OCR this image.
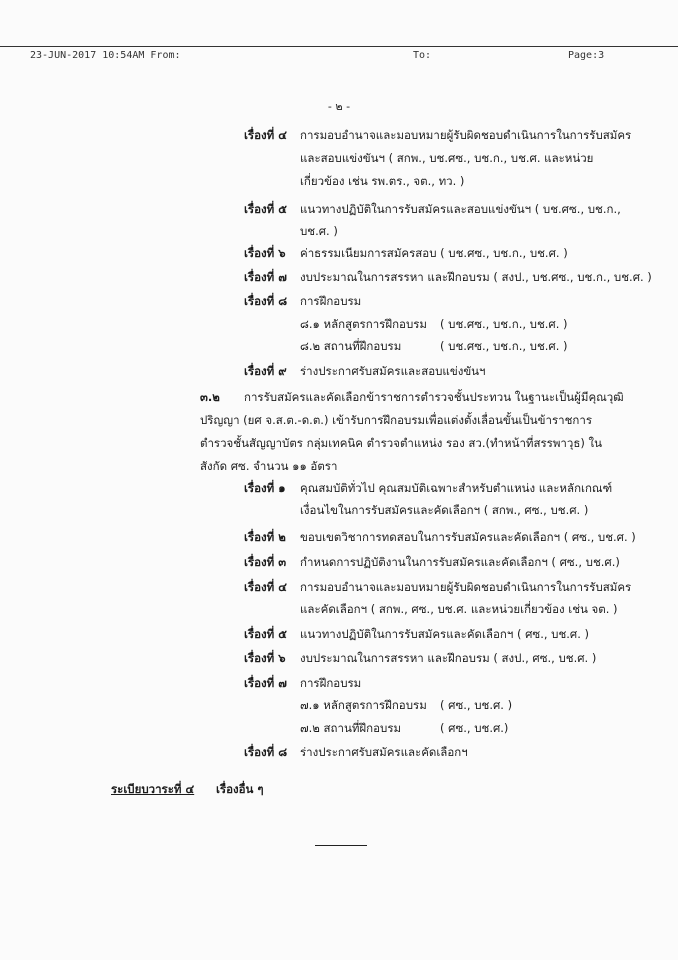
23-JUN-2017 10:54AM From:	To:	Page:3
- ๒ -
เรื่องที่ ๔ การมอบอำนาจและมอบหมายผู้รับผิดชอบดำเนินการในการรับสมัคร
และสอบแข่งขันฯ ( สกพ., บช.ศซ., บช.ก., บช.ศ. และหน่วย
เกี่ยวข้อง เช่น รพ.ตร., จต., ทว. )
เรื่องที่ ๕ แนวทางปฏิบัติในการรับสมัครและสอบแข่งขันฯ ( บช.ศซ., บช.ก.,
บช.ศ. )
เรื่องที่ ๖ ค่าธรรมเนียมการสมัครสอบ ( บช.ศซ., บช.ก., บช.ศ. )
เรื่องที่ ๗ งบประมาณในการสรรหา และฝึกอบรม ( สงป., บช.ศซ., บช.ก., บช.ศ. )
เรื่องที่ ๘ การฝึกอบรม
๘.๑ หลักสูตรการฝึกอบรม ( บช.ศซ., บช.ก., บช.ศ. )
๘.๒ สถานที่ฝึกอบรม	( บช.ศซ., บช.ก., บช.ศ. )
เรื่องที่ ๙ ร่างประกาศรับสมัครและสอบแข่งขันฯ
๓.๒ การรับสมัครและคัดเลือกข้าราชการตำรวจชั้นประทวน ในฐานะเป็นผู้มีคุณวุฒิ
ปริญญา (ยศ จ.ส.ต.-ด.ต.) เข้ารับการฝึกอบรมเพื่อแต่งตั้งเลื่อนขั้นเป็นข้าราชการ
ตำรวจชั้นสัญญาบัตร กลุ่มเทคนิค ตำรวจตำแหน่ง รอง สว.(ทำหน้าที่สรรพาวุธ) ใน
สังกัด ศซ. จำนวน ๑๑ อัตรา
เรื่องที่ ๑ คุณสมบัติทั่วไป คุณสมบัติเฉพาะสำหรับตำแหน่ง และหลักเกณฑ์
เงื่อนไขในการรับสมัครและคัดเลือกฯ ( สกพ., ศซ., บช.ศ. )
เรื่องที่ ๒ ขอบเขตวิชาการทดสอบในการรับสมัครและคัดเลือกฯ ( ศซ., บช.ศ. )
เรื่องที่ ๓ กำหนดการปฏิบัติงานในการรับสมัครและคัดเลือกฯ ( ศซ., บช.ศ.)
เรื่องที่ ๔ การมอบอำนาจและมอบหมายผู้รับผิดชอบดำเนินการในการรับสมัคร
และคัดเลือกฯ ( สกพ., ศซ., บช.ศ. และหน่วยเกี่ยวข้อง เช่น จต. )
เรื่องที่ ๕ แนวทางปฏิบัติในการรับสมัครและคัดเลือกฯ ( ศซ., บช.ศ. )
เรื่องที่ ๖ งบประมาณในการสรรหา และฝึกอบรม ( สงป., ศซ., บช.ศ. )
เรื่องที่ ๗ การฝึกอบรม
๗.๑ หลักสูตรการฝึกอบรม ( ศซ., บช.ศ. )
๗.๒ สถานที่ฝึกอบรม	( ศซ., บช.ศ.)
เรื่องที่ ๘ ร่างประกาศรับสมัครและคัดเลือกฯ
ระเบียบวาระที่ ๔ เรื่องอื่น ๆ
